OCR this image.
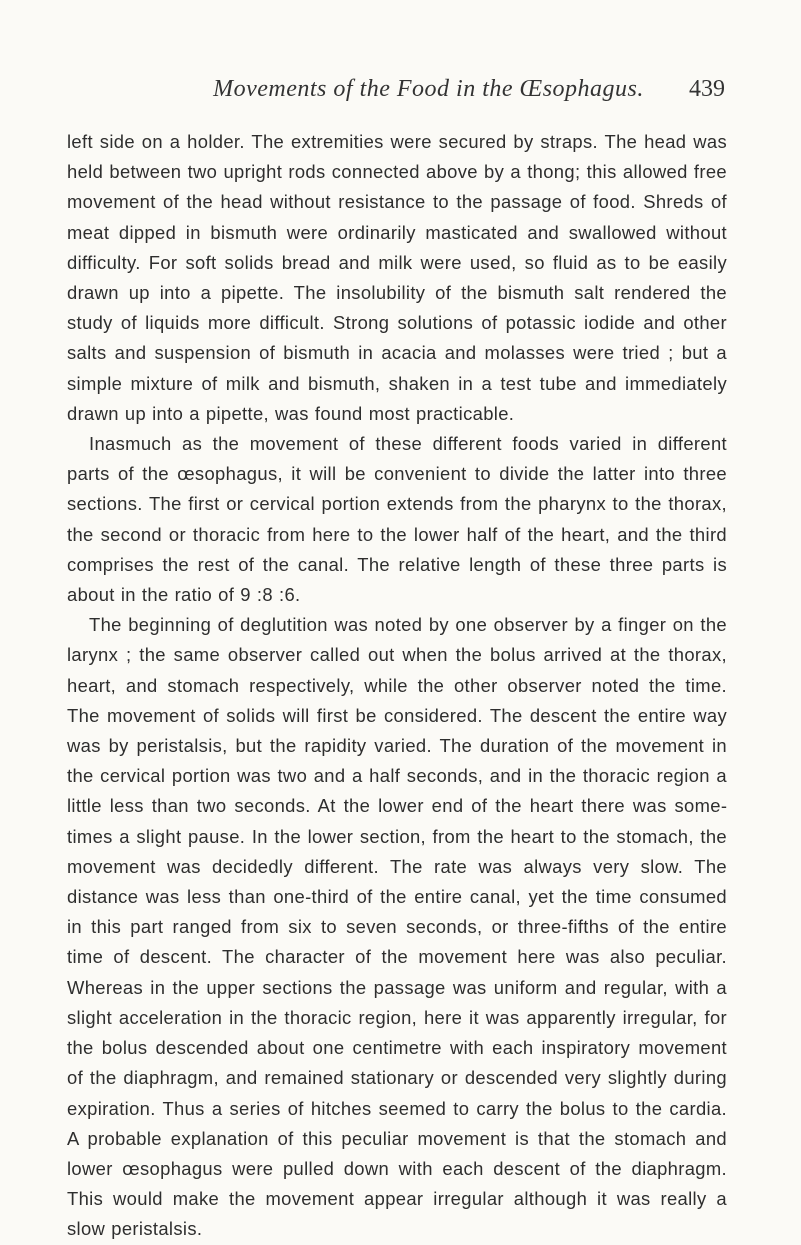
Movements of the Food in the Œsophagus.	439

left side on a holder. The extremities were secured by straps. The head was held between two upright rods connected above by a thong; this allowed free movement of the head without resistance to the passage of food. Shreds of meat dipped in bismuth were ordinarily masticated and swallowed without difficulty. For soft solids bread and milk were used, so fluid as to be easily drawn up into a pipette. The insolubility of the bismuth salt rendered the study of liquids more difficult. Strong solutions of potassic iodide and other salts and suspension of bismuth in acacia and molasses were tried ; but a simple mixture of milk and bismuth, shaken in a test tube and immediately drawn up into a pipette, was found most practicable.

Inasmuch as the movement of these different foods varied in different parts of the œsophagus, it will be convenient to divide the latter into three sections. The first or cervical portion extends from the pharynx to the thorax, the second or thoracic from here to the lower half of the heart, and the third comprises the rest of the canal. The relative length of these three parts is about in the ratio of 9 :8 :6.

The beginning of deglutition was noted by one observer by a finger on the larynx ; the same observer called out when the bolus arrived at the thorax, heart, and stomach respectively, while the other observer noted the time. The movement of solids will first be considered. The descent the entire way was by peristalsis, but the rapidity varied. The duration of the movement in the cervical portion was two and a half seconds, and in the thoracic region a little less than two seconds. At the lower end of the heart there was sometimes a slight pause. In the lower section, from the heart to the stomach, the movement was decidedly different. The rate was always very slow. The distance was less than one-third of the entire canal, yet the time consumed in this part ranged from six to seven seconds, or three-fifths of the entire time of descent. The character of the movement here was also peculiar. Whereas in the upper sections the passage was uniform and regular, with a slight acceleration in the thoracic region, here it was apparently irregular, for the bolus descended about one centimetre with each inspiratory movement of the diaphragm, and remained stationary or descended very slightly during expiration. Thus a series of hitches seemed to carry the bolus to the cardia. A probable explanation of this peculiar movement is that the stomach and lower œsophagus were pulled down with each descent of the diaphragm. This would make the movement appear irregular although it was really a slow peristalsis.
